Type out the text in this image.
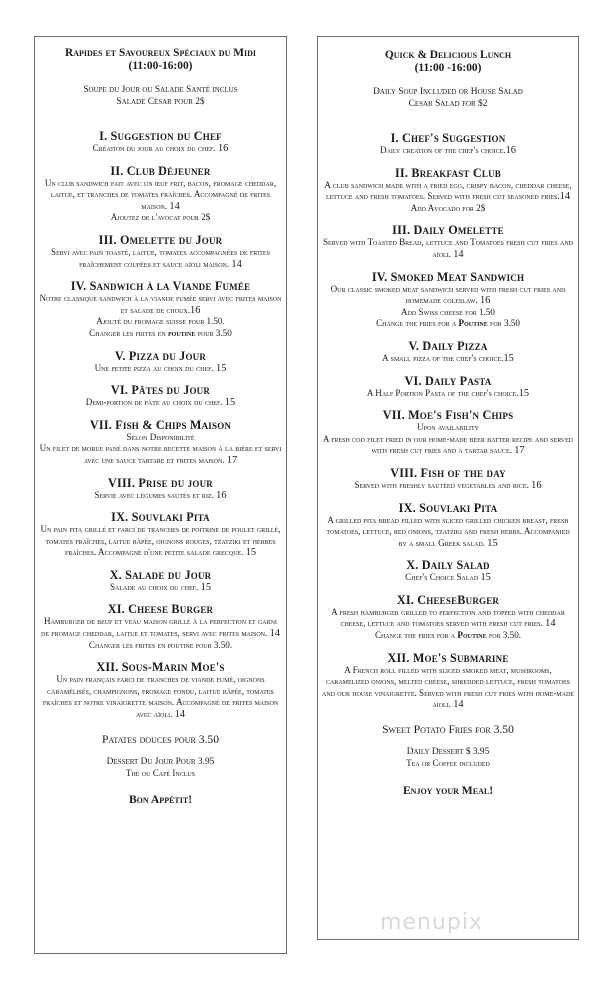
Rapides et Savoureux Spéciaux du Midi
(11:00-16:00)
Soupe du Jour ou Salade Santé inclus
Salade César pour 2$
I. Suggestion du Chef
Création du jour au choix du chef. 16
II. Club Déjeuner
Un club sandwich fait avec un œuf frit, bacon, fromage cheddar, laitue, et tranches de tomates fraîches. Accompagné de frites maison. 14
Ajoutez de l'avocat pour 2$
III. Omelette du Jour
Servi avec pain toasté, laitue, tomates accompagnées de frites fraîchement coupées et sauce aïoli maison. 14
IV. Sandwich à la Viande Fumée
Notre classique sandwich à la viande fumée servi avec frites maison et salade de choux.16
Ajouté du fromage suisse pour 1.50.
Changer les frites en poutine pour 3.50
V. Pizza du Jour
Une petite pizza au choix du chef. 15
VI. Pâtes du Jour
Demi-portion de pâte au choix du chef. 15
VII. Fish & Chips Maison
Selon Disponibilité
Un filet de morue pané dans notre recette maison à la bière et servi avec une sauce tartare et frites maison. 17
VIII. Prise du jour
Servie avec légumes sautés et riz. 16
IX. Souvlaki Pita
Un pain pita grillé et farci de tranches de poitrine de poulet grillé, tomates fraîches, laitue râpée, oignons rouges, tzatziki et herbes fraîches. Accompagné d'une petite salade grecque. 15
X. Salade du Jour
Salade au choix du chef. 15
XI. Cheese Burger
Hamburger de beuf et veau maison grillé à la perfection et garni de fromage cheddar, laitue et tomates, servi avec frites maison. 14
Changer les frites en poutine pour 3.50.
XII. Sous-Marin Moe's
Un pain français farci de tranches de viande fumé, oignons caramélisés, champignons, fromage fondu, laitue râpée, tomates fraîches et notre vinaigrette maison. Accompagné de frites maison avec aïoli. 14
Patates douces pour 3.50
Dessert Du Jour Pour 3.95
Thé ou Café Inclus
Bon Appétit!
Quick & Delicious Lunch
(11:00 -16:00)
Daily Soup Included or House Salad
Cesar Salad for $2
I. Chef's Suggestion
Daily creation of the chef's choice.16
II. Breakfast Club
A club sandwich made with a fried egg, crispy bacon, cheddar cheese, lettuce and fresh tomatoes. Served with fresh cut seasoned fries.14
Add Avocado for 2$
III. Daily Omelette
Served with Toasted Bread, lettuce and Tomatoes fresh cut fries and aïoli. 14
IV. Smoked Meat Sandwich
Our classic smoked meat sandwich served with fresh cut fries and homemade coleslaw. 16
Add Swiss cheese for 1.50
Change the fries for a Poutine for 3.50
V. Daily Pizza
A small pizza of the chef's choice.15
VI. Daily Pasta
A Half Portion Pasta of the chef's choice.15
VII. Moe's Fish'n Chips
Upon availability
A fresh cod filet fried in our home-made beer batter recipe and served with fresh cut fries and a tartar sauce. 17
VIII. Fish of the day
Served with freshly sautéed vegetables and rice. 16
IX. Souvlaki Pita
A grilled pita bread filled with sliced grilled chicken breast, fresh tomatoes, lettuce, red onions, tzatziki and fresh herbs. Accompanied by a small Greek salad. 15
X. Daily Salad
Chef's Choice Salad 15
XI. CheeseBurger
A fresh hamburger grilled to perfection and topped with cheddar cheese, lettuce and tomatoes served with fresh cut fries. 14
Change the fries for a Poutine for 3.50.
XII. Moe's Submarine
A French roll filled with sliced smoked meat, mushrooms, caramelized onions, melted cheese, shredded lettuce, fresh tomatoes and our house vinaigrette. Served with fresh cut fries with home-made aioli. 14
Sweet Potato Fries for 3.50
Daily Dessert $ 3.95
Tea or Coffee included
Enjoy your Meal!
menupix
